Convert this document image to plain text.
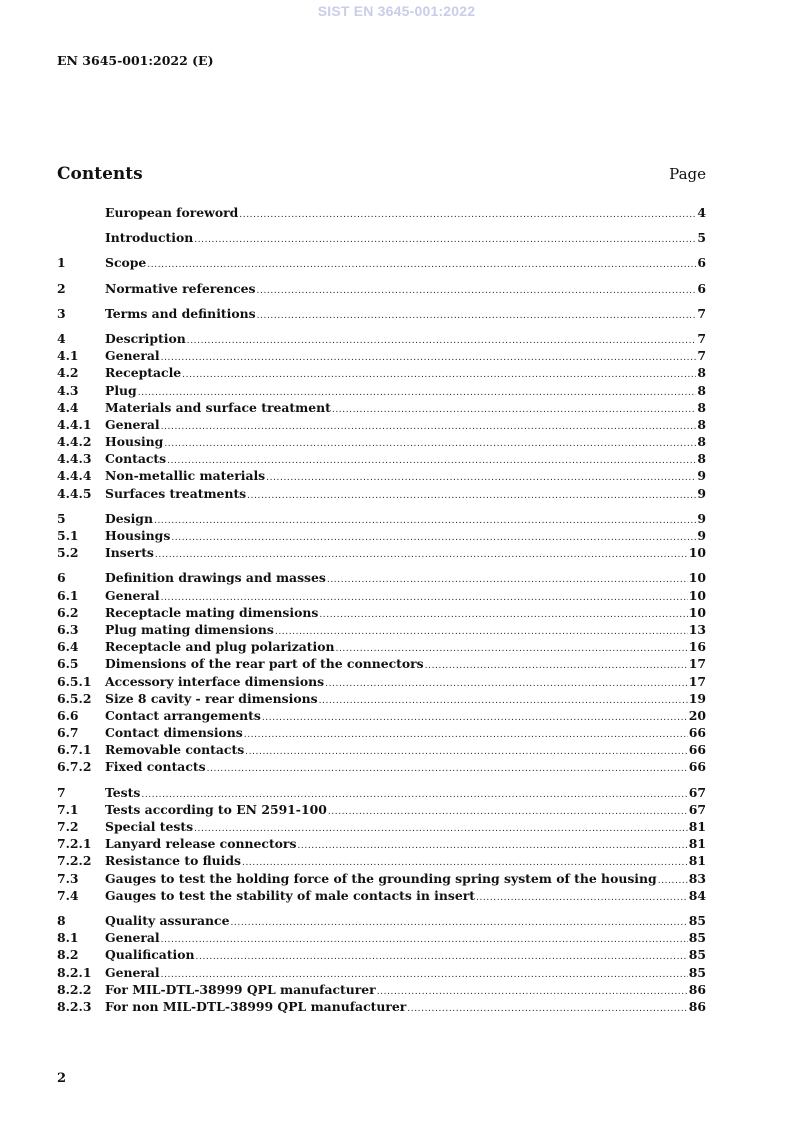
SIST EN 3645-001:2022
EN 3645-001:2022 (E)
Contents	Page
European foreword .....	4
Introduction .....	5
1	Scope .....	6
2	Normative references .....	6
3	Terms and definitions .....	7
4	Description .....	7
4.1	General .....	7
4.2	Receptacle .....	8
4.3	Plug .....	8
4.4	Materials and surface treatment .....	8
4.4.1	General .....	8
4.4.2	Housing .....	8
4.4.3	Contacts .....	8
4.4.4	Non-metallic materials .....	9
4.4.5	Surfaces treatments .....	9
5	Design .....	9
5.1	Housings .....	9
5.2	Inserts .....	10
6	Definition drawings and masses .....	10
6.1	General .....	10
6.2	Receptacle mating dimensions .....	10
6.3	Plug mating dimensions .....	13
6.4	Receptacle and plug polarization .....	16
6.5	Dimensions of the rear part of the connectors .....	17
6.5.1	Accessory interface dimensions .....	17
6.5.2	Size 8 cavity - rear dimensions .....	19
6.6	Contact arrangements .....	20
6.7	Contact dimensions .....	66
6.7.1	Removable contacts .....	66
6.7.2	Fixed contacts .....	66
7	Tests .....	67
7.1	Tests according to EN 2591-100 .....	67
7.2	Special tests .....	81
7.2.1	Lanyard release connectors .....	81
7.2.2	Resistance to fluids .....	81
7.3	Gauges to test the holding force of the grounding spring system of the housing .....	83
7.4	Gauges to test the stability of male contacts in insert .....	84
8	Quality assurance .....	85
8.1	General .....	85
8.2	Qualification .....	85
8.2.1	General .....	85
8.2.2	For MIL-DTL-38999 QPL manufacturer .....	86
8.2.3	For non MIL-DTL-38999 QPL manufacturer .....	86
2
